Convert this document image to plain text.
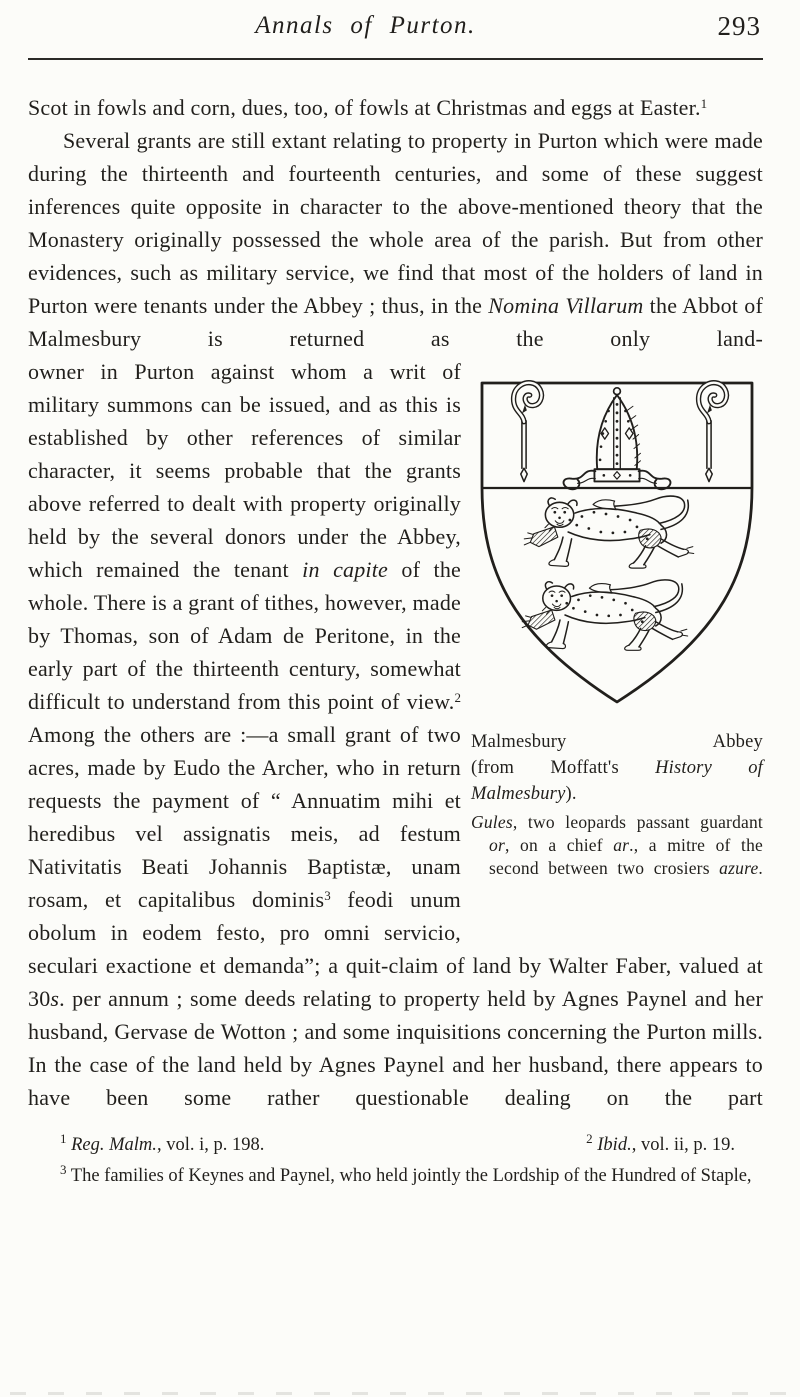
Annals of Purton.	293

Scot in fowls and corn, dues, too, of fowls at Christmas and eggs at Easter.$^1$

Several grants are still extant relating to property in Purton which were made during the thirteenth and fourteenth centuries, and some of these suggest inferences quite opposite in character to the above-mentioned theory that the Monastery originally possessed the whole area of the parish. But from other evidences, such as military service, we find that most of the holders of land in Purton were tenants under the Abbey ; thus, in the Nomina Villarum the Abbot of Malmesbury is returned as the only land-

Malmesbury Abbey
(from Moffatt's History of
Malmesbury).
Gules, two leopards passant guardant or, on a chief ar., a mitre of the second between two crosiers azure.
owner in Purton against whom a writ of military summons can be issued, and as this is established by other references of similar character, it seems probable that the grants above referred to dealt with property originally held by the several donors under the Abbey, which remained the tenant in capite of the whole. There is a grant of tithes, however, made by Thomas, son of Adam de Peritone, in the early part of the thirteenth century, somewhat difficult to understand from this point of view.$^2$ Among the others are :—a small grant of two acres, made by Eudo the Archer, who in return requests the payment of “ Annuatim mihi et heredibus vel assignatis meis, ad festum Nativitatis Beati Johannis Baptistæ, unam rosam, et capitalibus dominis$^3$ feodi unum obolum in eodem festo, pro omni servicio, seculari exactione et demanda”; a quit-claim of land by Walter Faber, valued at 30s. per annum ; some deeds relating to property held by Agnes Paynel and her husband, Gervase de Wotton ; and some inquisitions concerning the Purton mills. In the case of the land held by Agnes Paynel and her husband, there appears to have been some rather questionable dealing on the part

$^1$ Reg. Malm., vol. i, p. 198.	$^2$ Ibid., vol. ii, p. 19.

$^3$ The families of Keynes and Paynel, who held jointly the Lordship of the Hundred of Staple,
